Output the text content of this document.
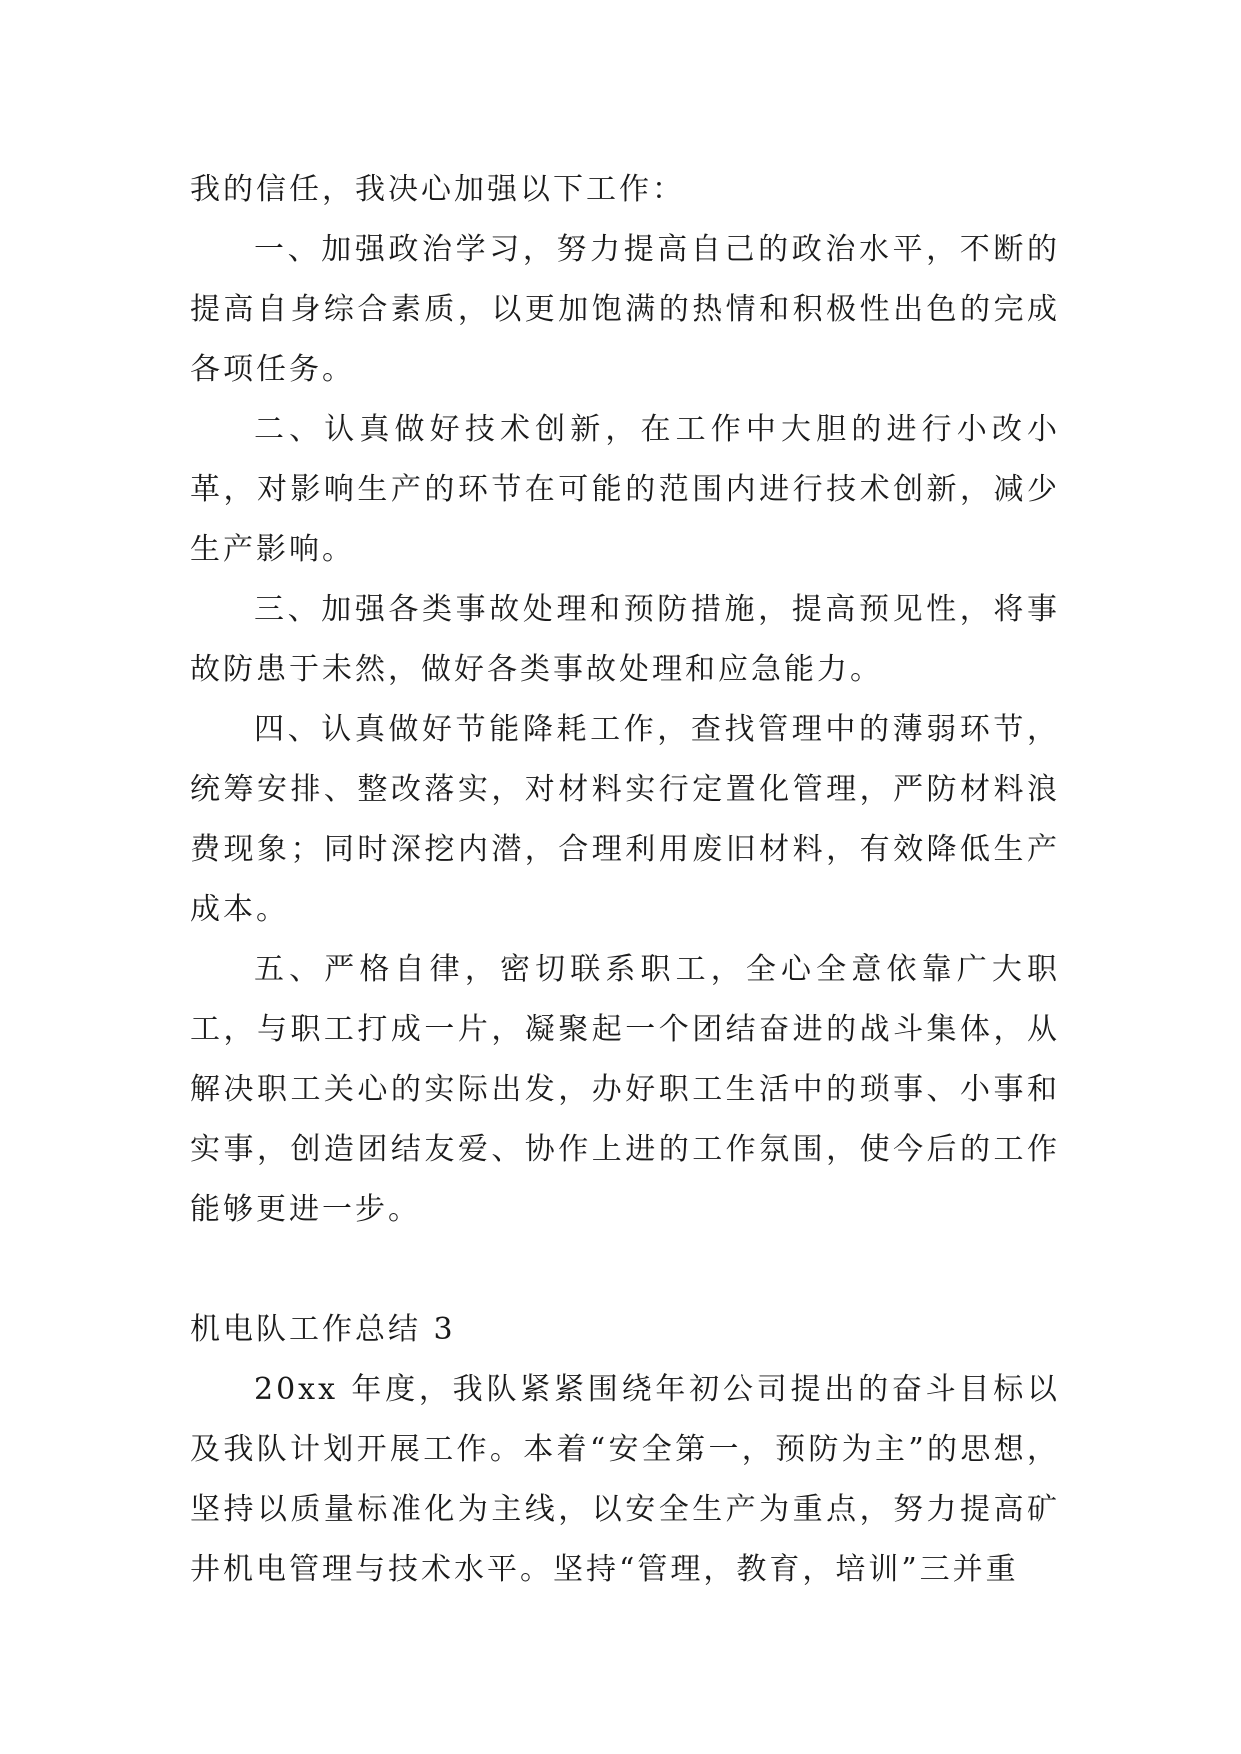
我的信任，我决心加强以下工作：

一、加强政治学习，努力提高自己的政治水平，不断的提高自身综合素质，以更加饱满的热情和积极性出色的完成各项任务。

二、认真做好技术创新，在工作中大胆的进行小改小革，对影响生产的环节在可能的范围内进行技术创新，减少生产影响。

三、加强各类事故处理和预防措施，提高预见性，将事故防患于未然，做好各类事故处理和应急能力。

四、认真做好节能降耗工作，查找管理中的薄弱环节，统筹安排、整改落实，对材料实行定置化管理，严防材料浪费现象；同时深挖内潜，合理利用废旧材料，有效降低生产成本。

五、严格自律，密切联系职工，全心全意依靠广大职工，与职工打成一片，凝聚起一个团结奋进的战斗集体，从解决职工关心的实际出发，办好职工生活中的琐事、小事和实事，创造团结友爱、协作上进的工作氛围，使今后的工作能够更进一步。

机电队工作总结 3

20xx 年度，我队紧紧围绕年初公司提出的奋斗目标以及我队计划开展工作。本着“安全第一，预防为主”的思想，坚持以质量标准化为主线，以安全生产为重点，努力提高矿井机电管理与技术水平。坚持“管理，教育，培训”三并重
